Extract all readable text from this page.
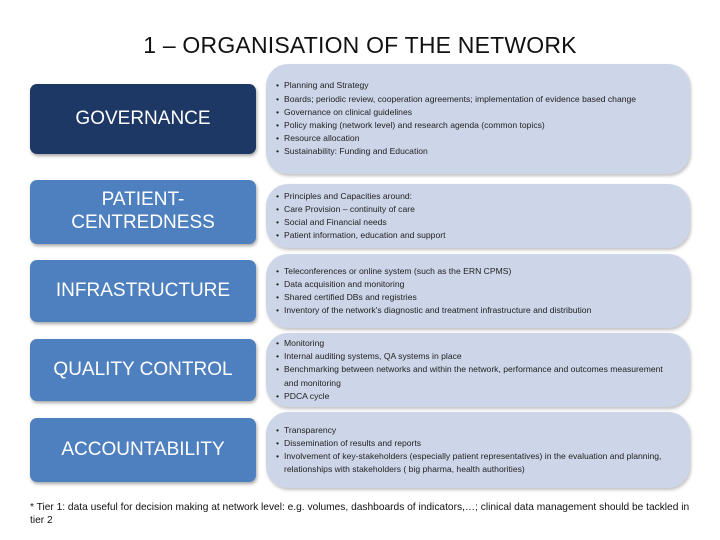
1 – ORGANISATION OF THE NETWORK
GOVERNANCE
• Planning and Strategy
• Boards; periodic review, cooperation agreements; implementation of evidence based change
• Governance on clinical guidelines
• Policy making (network level) and research agenda (common topics)
• Resource allocation
• Sustainability: Funding and Education
PATIENT-CENTREDNESS
• Principles and Capacities around:
• Care Provision – continuity of care
• Social and Financial needs
• Patient information, education and support
INFRASTRUCTURE
• Teleconferences or online system (such as the ERN CPMS)
• Data acquisition and monitoring
• Shared certified DBs and registries
• Inventory of the network's diagnostic and treatment infrastructure and distribution
QUALITY CONTROL
• Monitoring
• Internal auditing systems, QA systems in place
• Benchmarking between networks and within the network, performance and outcomes measurement and monitoring
• PDCA cycle
ACCOUNTABILITY
• Transparency
• Dissemination of results and reports
• Involvement of key-stakeholders (especially patient representatives) in the evaluation and planning, relationships with stakeholders ( big pharma, health authorities)
* Tier 1: data useful for decision making at network level: e.g. volumes, dashboards of indicators,…; clinical data management should be tackled in tier 2
